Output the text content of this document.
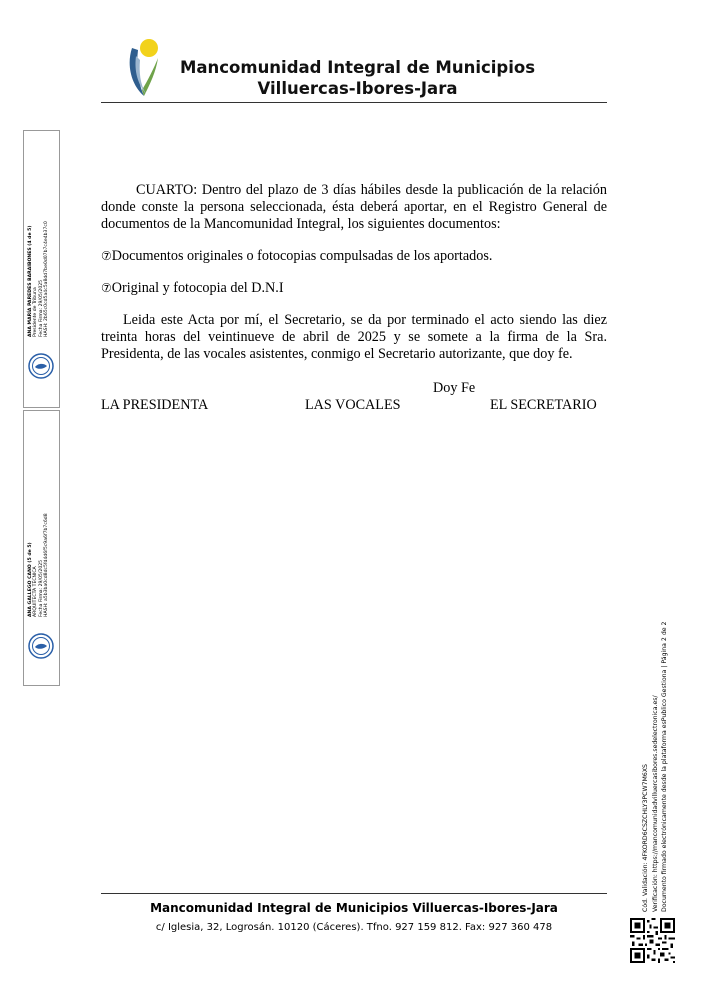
Mancomunidad Integral de Municipios
Villuercas-Ibores-Jara

CUARTO: Dentro del plazo de 3 días hábiles desde la publicación de la relación donde conste la persona seleccionada, ésta deberá aportar, en el Registro General de documentos de la Mancomunidad Integral, los siguientes documentos:

⑦Documentos originales o fotocopias compulsadas de los aportados.

⑦Original y fotocopia del D.N.I

Leida este Acta por mí, el Secretario, se da por terminado el acto siendo las diez treinta horas del veintinueve de abril de 2025 y se somete a la firma de la Sra. Presidenta, de las vocales asistentes, conmigo el Secretario autorizante, que doy fe.

Doy Fe
LA PRESIDENTA	LAS VOCALES	EL SECRETARIO
Mancomunidad Integral de Municipios Villuercas-Ibores-Jara
c/ Iglesia, 32, Logrosán. 10120 (Cáceres). Tfno. 927 159 812. Fax: 927 360 478
ANA MARÍA PAREDES BARAIBONES (4 de 5) Presidente de Tribuna Fecha Firma: 29/05/2025 HASH: 2b65c0cd5a4c5a8dd7be0d07b7c4e4b37c0
ANA GALLEGO CANO (5 de 5) ARQUITECTA TÉCNICA Fecha Firma: 29/05/2025 HASH: a5b3ba0cd8dc5fd4d6f5c9a6f7b7c6d8
Cód. Validación: 4FKORD6CSZCHLY3PCW7M6XS Verificación: https://mancomunidadvilluercasibores.sedelectronica.es/ Documento firmado electrónicamente desde la plataforma esPublico Gestiona | Página 2 de 2
